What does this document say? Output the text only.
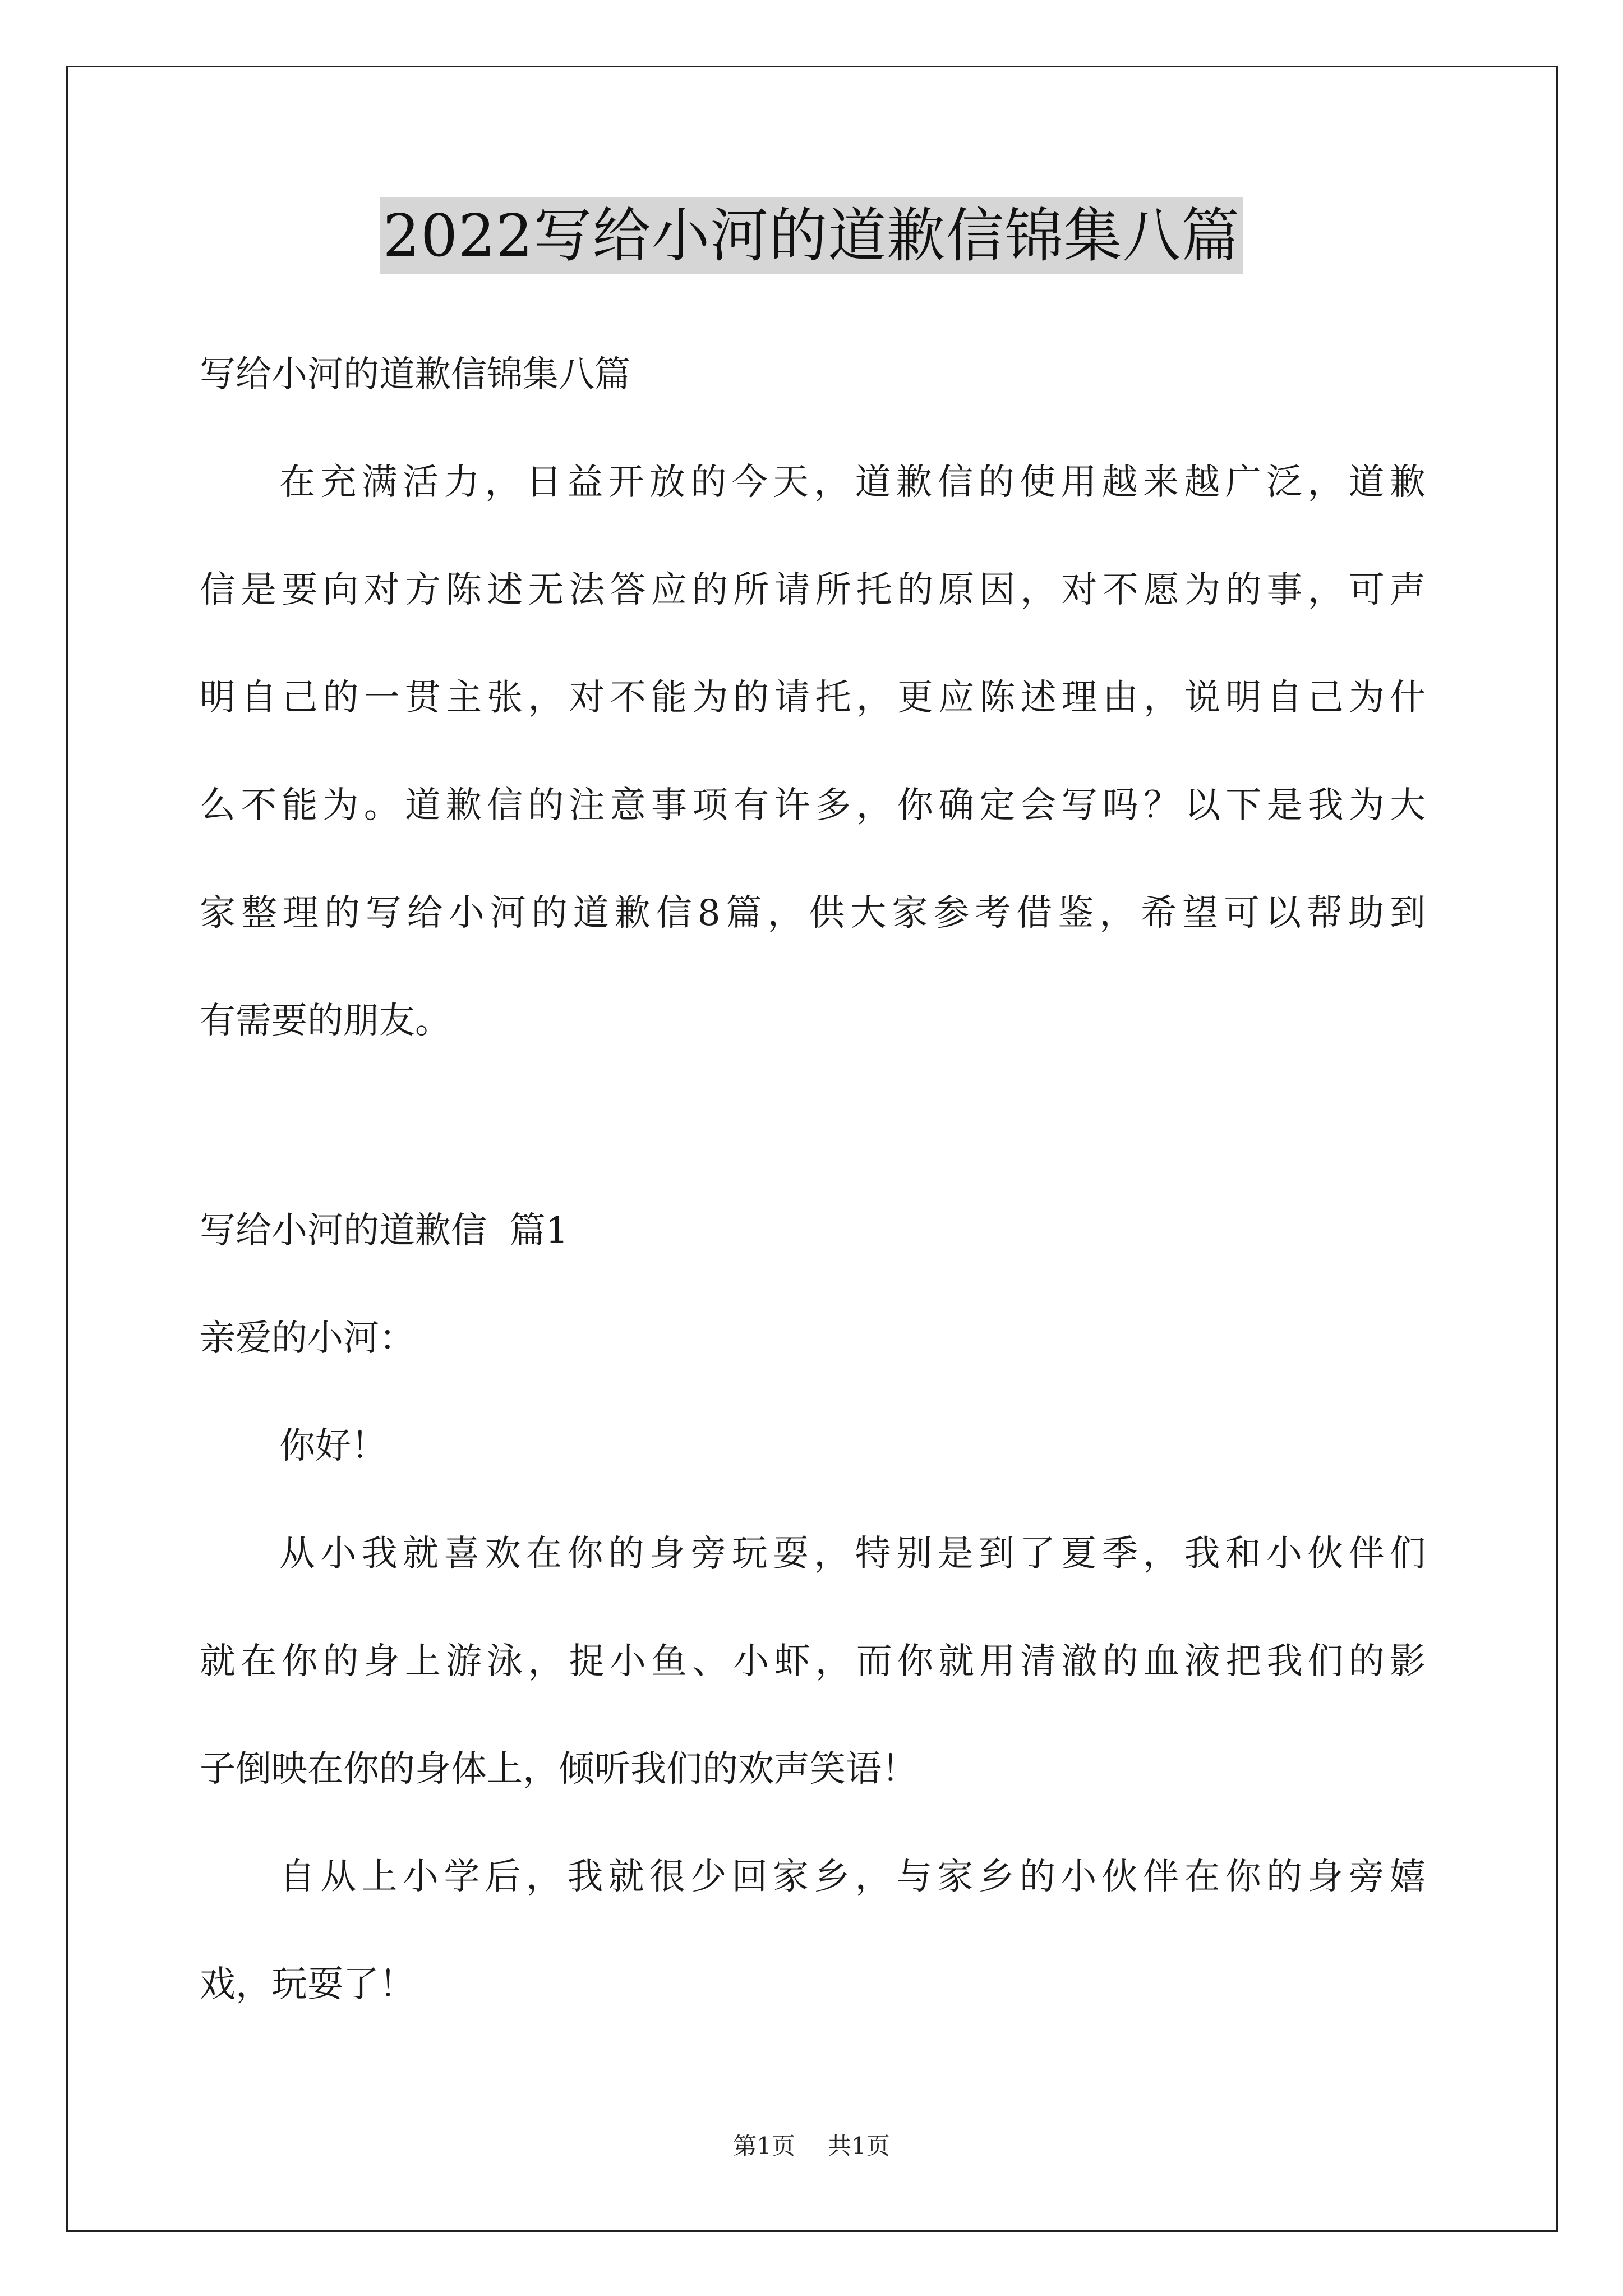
2022写给小河的道歉信锦集八篇
写给小河的道歉信锦集八篇
在充满活力，日益开放的今天，道歉信的使用越来越广泛，道歉
信是要向对方陈述无法答应的所请所托的原因，对不愿为的事，可声
明自己的一贯主张，对不能为的请托，更应陈述理由，说明自己为什
么不能为。道歉信的注意事项有许多，你确定会写吗？以下是我为大
家整理的写给小河的道歉信8篇，供大家参考借鉴，希望可以帮助到
有需要的朋友。
写给小河的道歉信  篇1
亲爱的小河：
你好！
从小我就喜欢在你的身旁玩耍，特别是到了夏季，我和小伙伴们
就在你的身上游泳，捉小鱼、小虾，而你就用清澈的血液把我们的影
子倒映在你的身体上，倾听我们的欢声笑语！
自从上小学后，我就很少回家乡，与家乡的小伙伴在你的身旁嬉
戏，玩耍了！
第1页 共1页
